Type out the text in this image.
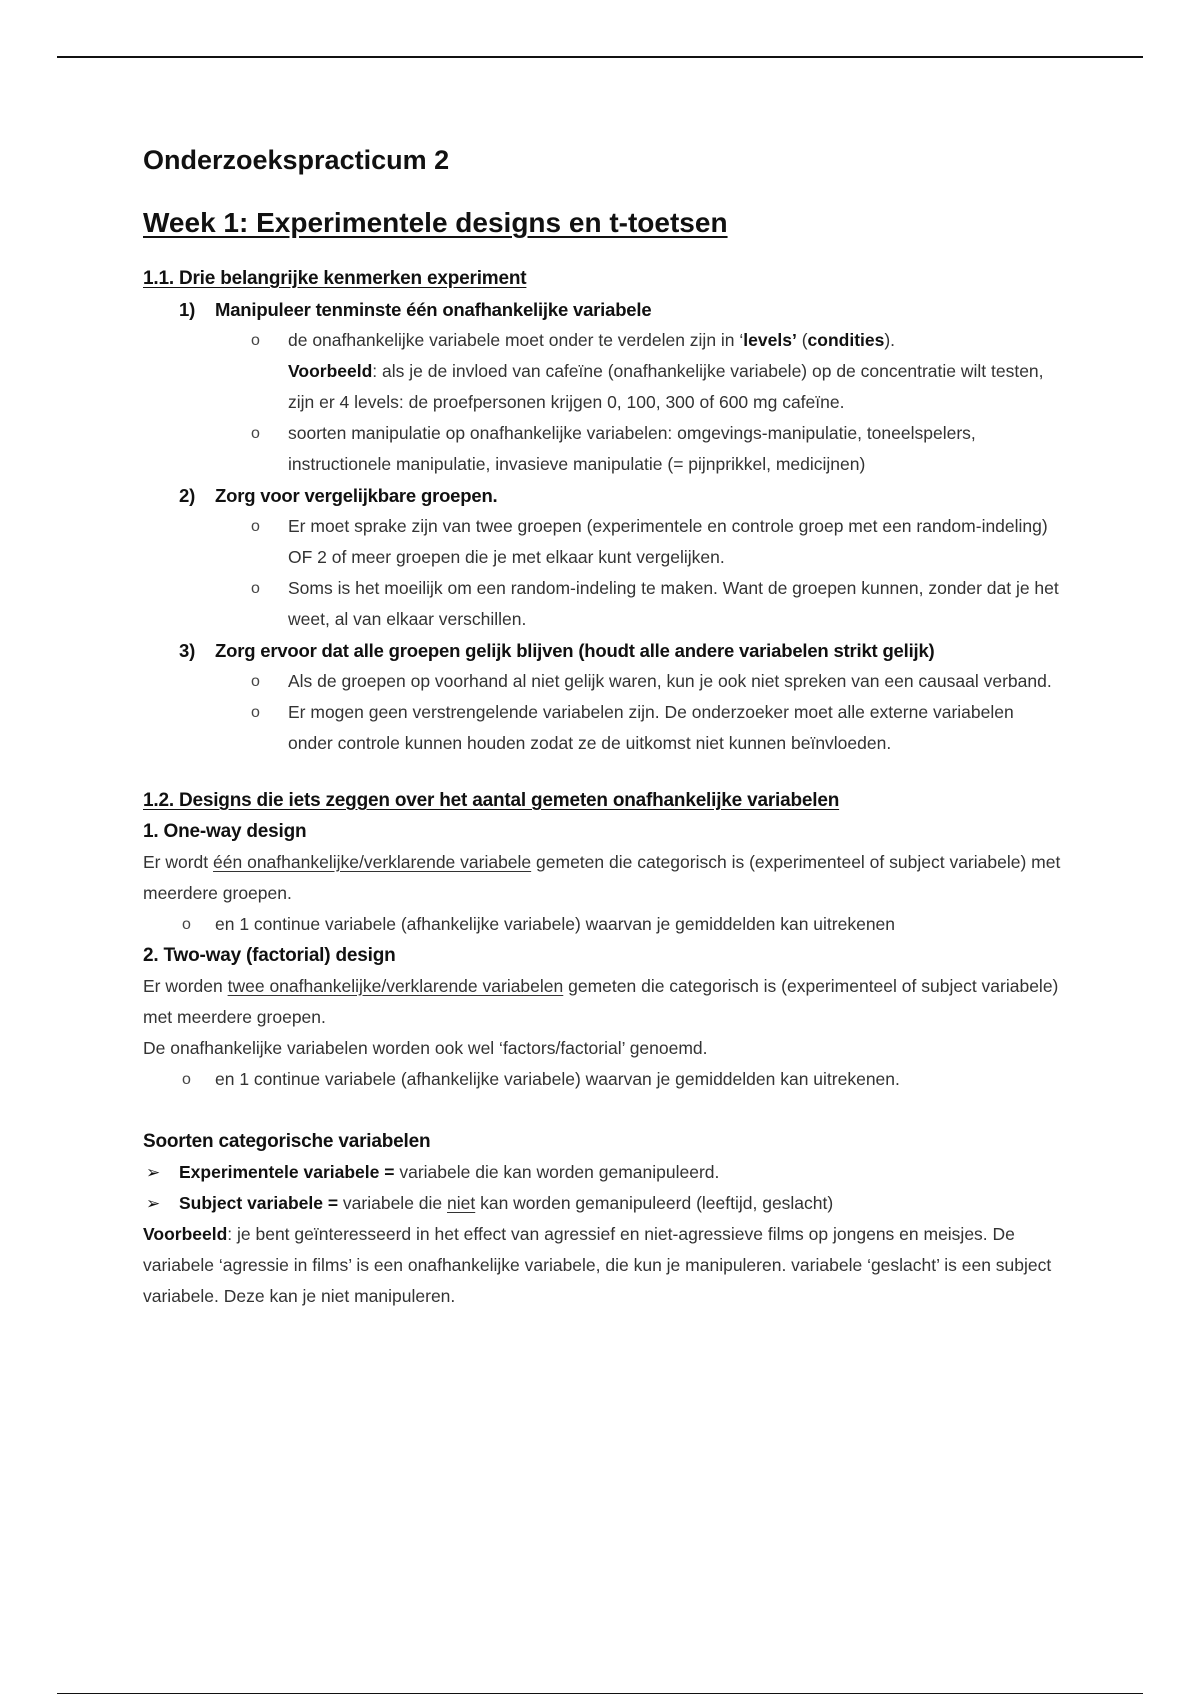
Onderzoekspracticum 2
Week 1: Experimentele designs en t-toetsen
1.1. Drie belangrijke kenmerken experiment
1)	Manipuleer tenminste één onafhankelijke variabele
o de onafhankelijke variabele moet onder te verdelen zijn in ‘levels’ (condities).
Voorbeeld: als je de invloed van cafeïne (onafhankelijke variabele) op de concentratie wilt testen, zijn er 4 levels: de proefpersonen krijgen 0, 100, 300 of 600 mg cafeïne.
o soorten manipulatie op onafhankelijke variabelen: omgevings-manipulatie, toneelspelers, instructionele manipulatie, invasieve manipulatie (= pijnprikkel, medicijnen)
2)	Zorg voor vergelijkbare groepen.
o Er moet sprake zijn van twee groepen (experimentele en controle groep met een random-indeling) OF 2 of meer groepen die je met elkaar kunt vergelijken.
o Soms is het moeilijk om een random-indeling te maken. Want de groepen kunnen, zonder dat je het weet, al van elkaar verschillen.
3)	Zorg ervoor dat alle groepen gelijk blijven (houdt alle andere variabelen strikt gelijk)
o Als de groepen op voorhand al niet gelijk waren, kun je ook niet spreken van een causaal verband.
o Er mogen geen verstrengelende variabelen zijn. De onderzoeker moet alle externe variabelen onder controle kunnen houden zodat ze de uitkomst niet kunnen beïnvloeden.
1.2. Designs die iets zeggen over het aantal gemeten onafhankelijke variabelen
1. One-way design

Er wordt één onafhankelijke/verklarende variabele gemeten die categorisch is (experimenteel of subject variabele) met meerdere groepen.

o en 1 continue variabele (afhankelijke variabele) waarvan je gemiddelden kan uitrekenen
2. Two-way (factorial) design

Er worden twee onafhankelijke/verklarende variabelen gemeten die categorisch is (experimenteel of subject variabele) met meerdere groepen.

De onafhankelijke variabelen worden ook wel ‘factors/factorial’ genoemd.

o en 1 continue variabele (afhankelijke variabele) waarvan je gemiddelden kan uitrekenen.
Soorten categorische variabelen
➢ Experimentele variabele = variabele die kan worden gemanipuleerd.
➢ Subject variabele = variabele die niet kan worden gemanipuleerd (leeftijd, geslacht)

Voorbeeld: je bent geïnteresseerd in het effect van agressief en niet-agressieve films op jongens en meisjes. De variabele ‘agressie in films’ is een onafhankelijke variabele, die kun je manipuleren. variabele ‘geslacht’ is een subject variabele. Deze kan je niet manipuleren.
